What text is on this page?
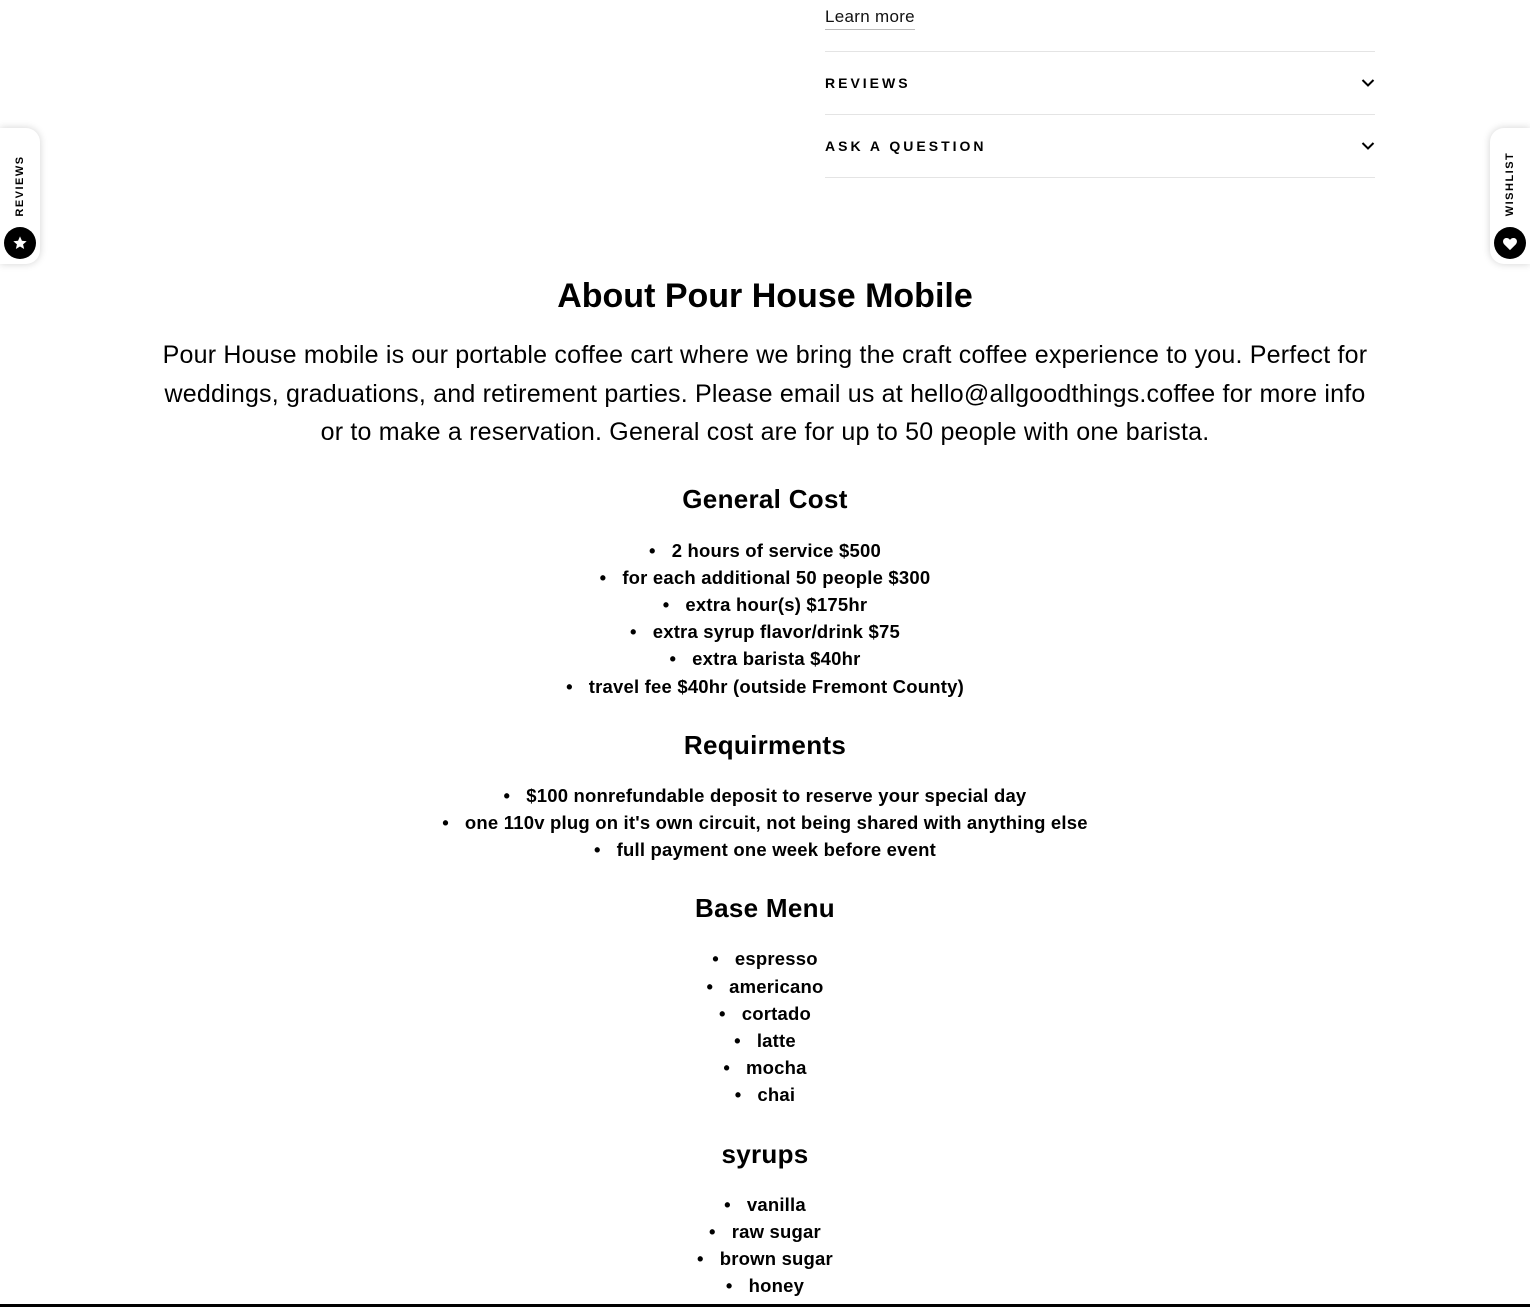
Learn more
REVIEWS
ASK A QUESTION
REVIEWS	WISHLIST
About Pour House Mobile

Pour House mobile is our portable coffee cart where we bring the craft coffee experience to you. Perfect for weddings, graduations, and retirement parties. Please email us at hello@allgoodthings.coffee for more info or to make a reservation. General cost are for up to 50 people with one barista.

General Cost
• 2 hours of service $500
• for each additional 50 people $300
• extra hour(s) $175hr
• extra syrup flavor/drink $75
• extra barista $40hr
• travel fee $40hr (outside Fremont County)
Requirments
• $100 nonrefundable deposit to reserve your special day
• one 110v plug on it's own circuit, not being shared with anything else
• full payment one week before event
Base Menu
• espresso
• americano
• cortado
• latte
• mocha
• chai
syrups
• vanilla
• raw sugar
• brown sugar
• honey
